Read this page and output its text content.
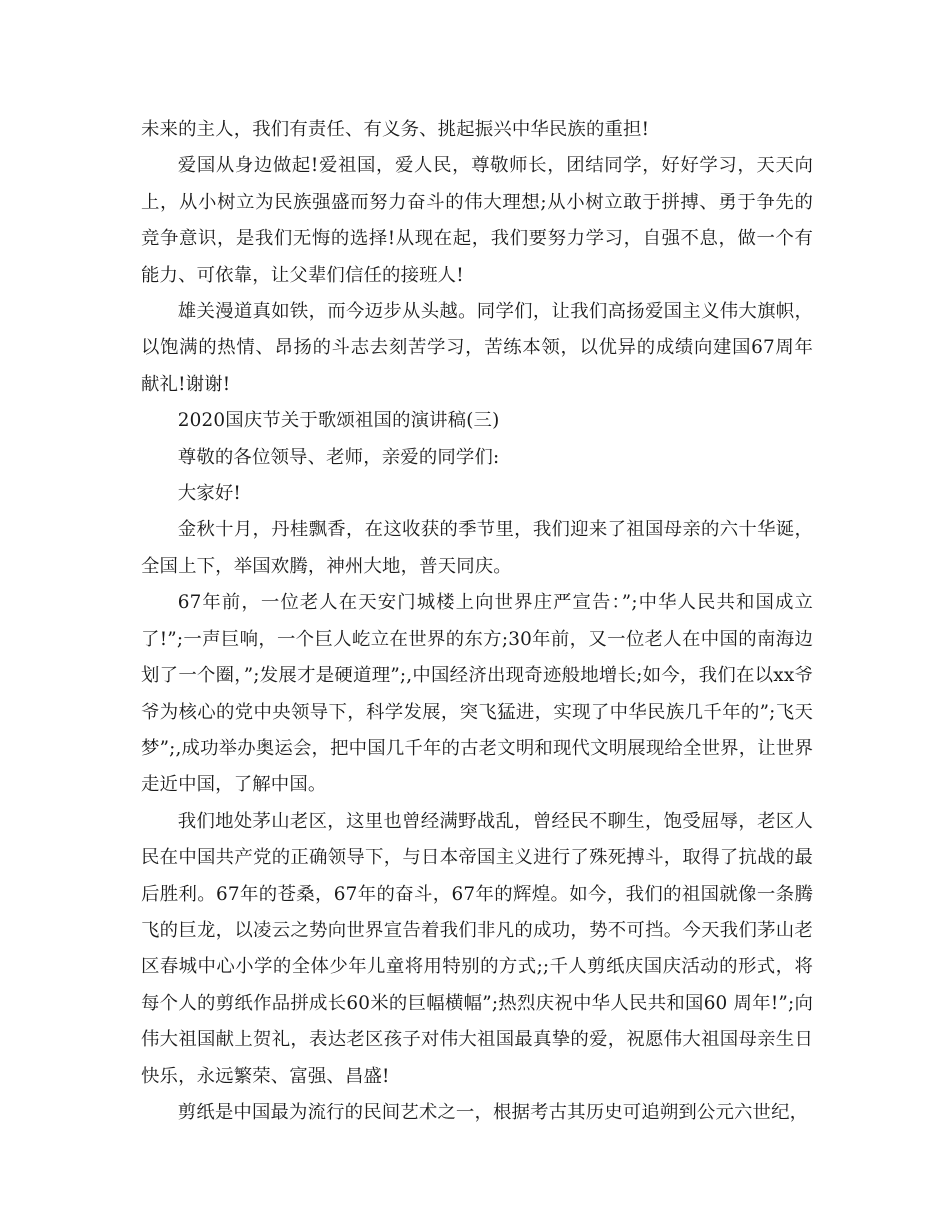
未来的主人，我们有责任、有义务、挑起振兴中华民族的重担!

爱国从身边做起!爱祖国，爱人民，尊敬师长，团结同学，好好学习，天天向上，从小树立为民族强盛而努力奋斗的伟大理想;从小树立敢于拼搏、勇于争先的竞争意识，是我们无悔的选择!从现在起，我们要努力学习，自强不息，做一个有能力、可依靠，让父辈们信任的接班人!

雄关漫道真如铁，而今迈步从头越。同学们，让我们高扬爱国主义伟大旗帜，以饱满的热情、昂扬的斗志去刻苦学习，苦练本领，以优异的成绩向建国67周年献礼!谢谢!

2020国庆节关于歌颂祖国的演讲稿(三)

尊敬的各位领导、老师，亲爱的同学们:

大家好!

金秋十月，丹桂飘香，在这收获的季节里，我们迎来了祖国母亲的六十华诞，全国上下，举国欢腾，神州大地，普天同庆。

67年前，一位老人在天安门城楼上向世界庄严宣告：”;中华人民共和国成立了!”;一声巨响，一个巨人屹立在世界的东方;30年前，又一位老人在中国的南海边划了一个圈，”;发展才是硬道理”;,中国经济出现奇迹般地增长;如今，我们在以xx爷爷为核心的党中央领导下，科学发展，突飞猛进，实现了中华民族几千年的”;飞天梦”;,成功举办奥运会，把中国几千年的古老文明和现代文明展现给全世界，让世界走近中国，了解中国。

我们地处茅山老区，这里也曾经满野战乱，曾经民不聊生，饱受屈辱，老区人民在中国共产党的正确领导下，与日本帝国主义进行了殊死搏斗，取得了抗战的最后胜利。67年的苍桑，67年的奋斗，67年的辉煌。如今，我们的祖国就像一条腾飞的巨龙，以凌云之势向世界宣告着我们非凡的成功，势不可挡。今天我们茅山老区春城中心小学的全体少年儿童将用特别的方式;;千人剪纸庆国庆活动的形式，将每个人的剪纸作品拼成长60米的巨幅横幅”;热烈庆祝中华人民共和国60 周年!”;向伟大祖国献上贺礼，表达老区孩子对伟大祖国最真挚的爱，祝愿伟大祖国母亲生日快乐，永远繁荣、富强、昌盛!

剪纸是中国最为流行的民间艺术之一，根据考古其历史可追朔到公元六世纪，
